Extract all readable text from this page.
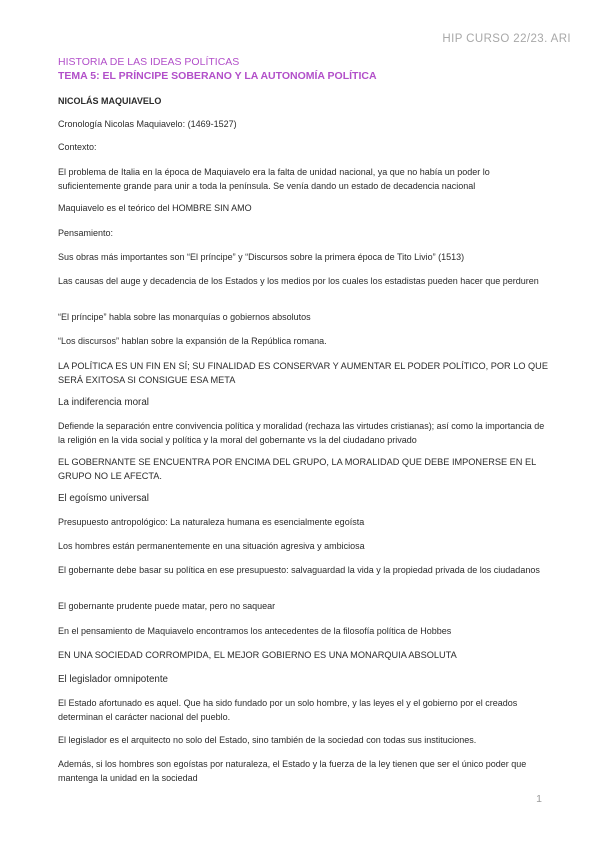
HIP CURSO 22/23. ARI
HISTORIA DE LAS IDEAS POLÍTICAS
TEMA 5: EL PRÍNCIPE SOBERANO Y LA AUTONOMÍA POLÍTICA
NICOLÁS MAQUIAVELO
Cronología Nicolas Maquiavelo: (1469-1527)
Contexto:
El problema de Italia en la época de Maquiavelo era la falta de unidad nacional, ya que no había un poder lo suficientemente grande para unir a toda la península. Se venía dando un estado de decadencia nacional
Maquiavelo es el teórico del HOMBRE SIN AMO
Pensamiento:
Sus obras más importantes son “El príncipe” y “Discursos sobre la primera época de Tito Livio” (1513)
Las causas del auge y decadencia de los Estados y los medios por los cuales los estadistas pueden hacer que perduren
“El príncipe” habla sobre las monarquías o gobiernos absolutos
“Los discursos” hablan sobre la expansión de la República romana.
LA POLÍTICA ES UN FIN EN SÍ; SU FINALIDAD ES CONSERVAR Y AUMENTAR EL PODER POLÍTICO, POR LO QUE SERÁ EXITOSA SI CONSIGUE ESA META
La indiferencia moral
Defiende la separación entre convivencia política y moralidad (rechaza las virtudes cristianas); así como la importancia de la religión en la vida social y política y la moral del gobernante vs la del ciudadano privado
EL GOBERNANTE SE ENCUENTRA POR ENCIMA DEL GRUPO, LA MORALIDAD QUE DEBE IMPONERSE EN EL GRUPO NO LE AFECTA.
El egoísmo universal
Presupuesto antropológico: La naturaleza humana es esencialmente egoísta
Los hombres están permanentemente en una situación agresiva y ambiciosa
El gobernante debe basar su política en ese presupuesto: salvaguardad la vida y la propiedad privada de los ciudadanos
El gobernante prudente puede matar, pero no saquear
En el pensamiento de Maquiavelo encontramos los antecedentes de la filosofía política de Hobbes
EN UNA SOCIEDAD CORROMPIDA, EL MEJOR GOBIERNO ES UNA MONARQUIA ABSOLUTA
El legislador omnipotente
El Estado afortunado es aquel. Que ha sido fundado por un solo hombre, y las leyes el y el gobierno por el creados determinan el carácter nacional del pueblo.
El legislador es el arquitecto no solo del Estado, sino también de la sociedad con todas sus instituciones.
Además, si los hombres son egoístas por naturaleza, el Estado y la fuerza de la ley tienen que ser el único poder que mantenga la unidad en la sociedad
1
